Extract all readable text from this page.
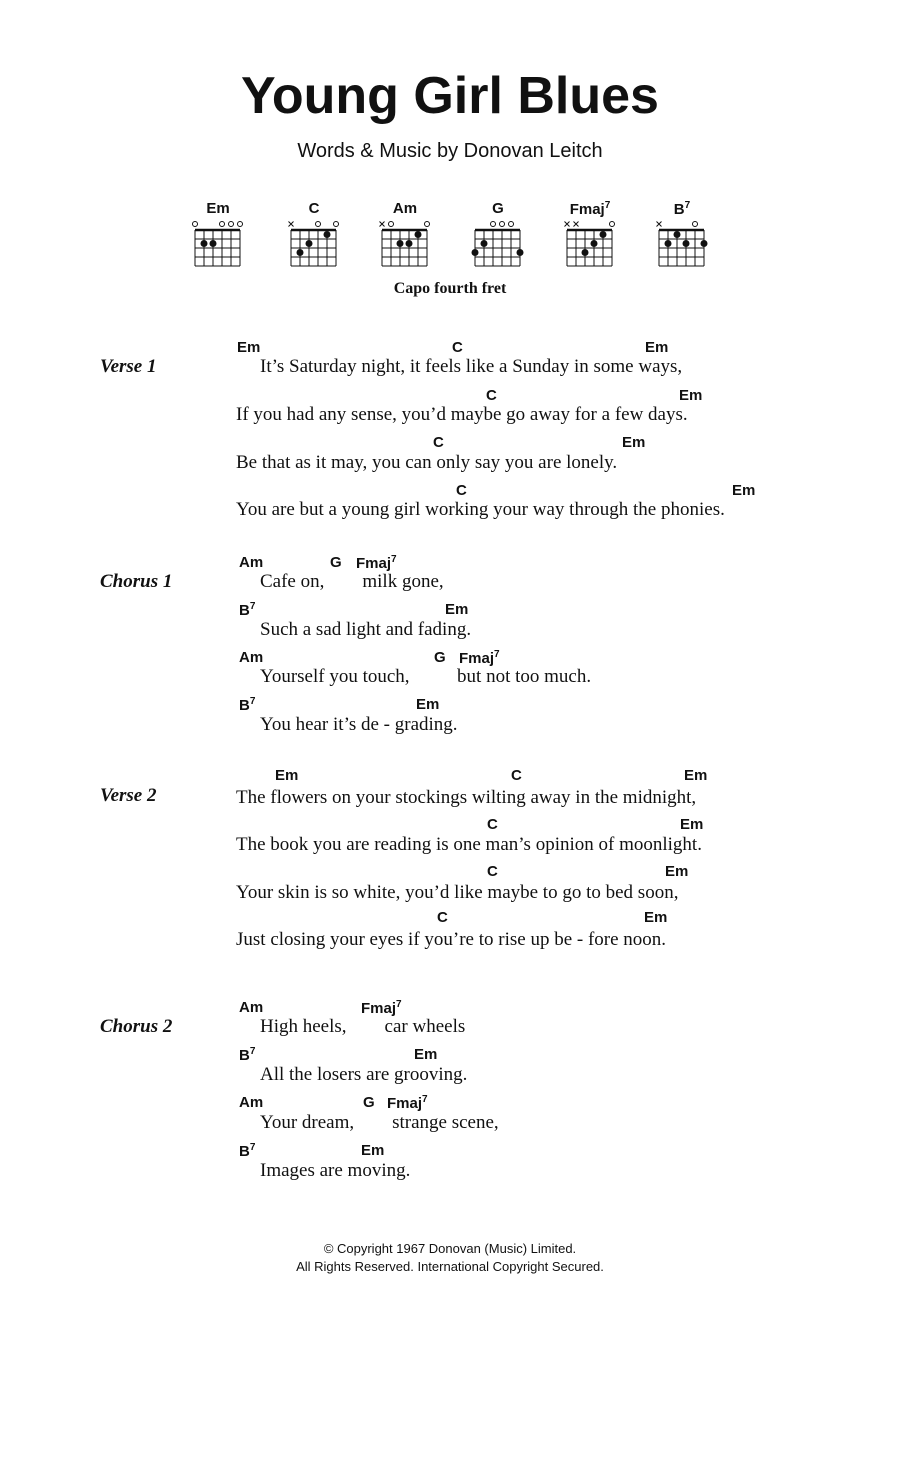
Young Girl Blues
Words & Music by Donovan Leitch
Em	C	Am	G	Fmaj$^7$	$B^7$
Capo fourth fret
Verse 1	It’s Saturday night, it feels like a Sunday in some ways,
Em	C	Em
If you had any sense, you’d maybe go away for a few days.
C	Em
Be that as it may, you can only say you are lonely.
C	Em
You are but a young girl working your way through the phonies.
C	Em
Chorus 1	Cafe on,        milk gone,
Am	G Fmaj$^7$
Such a sad light and fading.
$B^7$	Em
Yourself you touch,          but not too much.
Am	G Fmaj$^7$
You hear it’s de - grading.
$B^7$	Em
Verse 2	The flowers on your stockings wilting away in the midnight,
Em	C	Em
The book you are reading is one man’s opinion of moonlight.
C	Em
Your skin is so white, you’d like maybe to go to bed soon,
C	Em
Just closing your eyes if you’re to rise up be - fore noon.
C	Em
Chorus 2	High heels,        car wheels
Am	Fmaj$^7$
All the losers are grooving.
$B^7$	Em
Your dream,        strange scene,
Am	G Fmaj$^7$
Images are moving.
$B^7$	Em
© Copyright 1967 Donovan (Music) Limited.
All Rights Reserved. International Copyright Secured.
